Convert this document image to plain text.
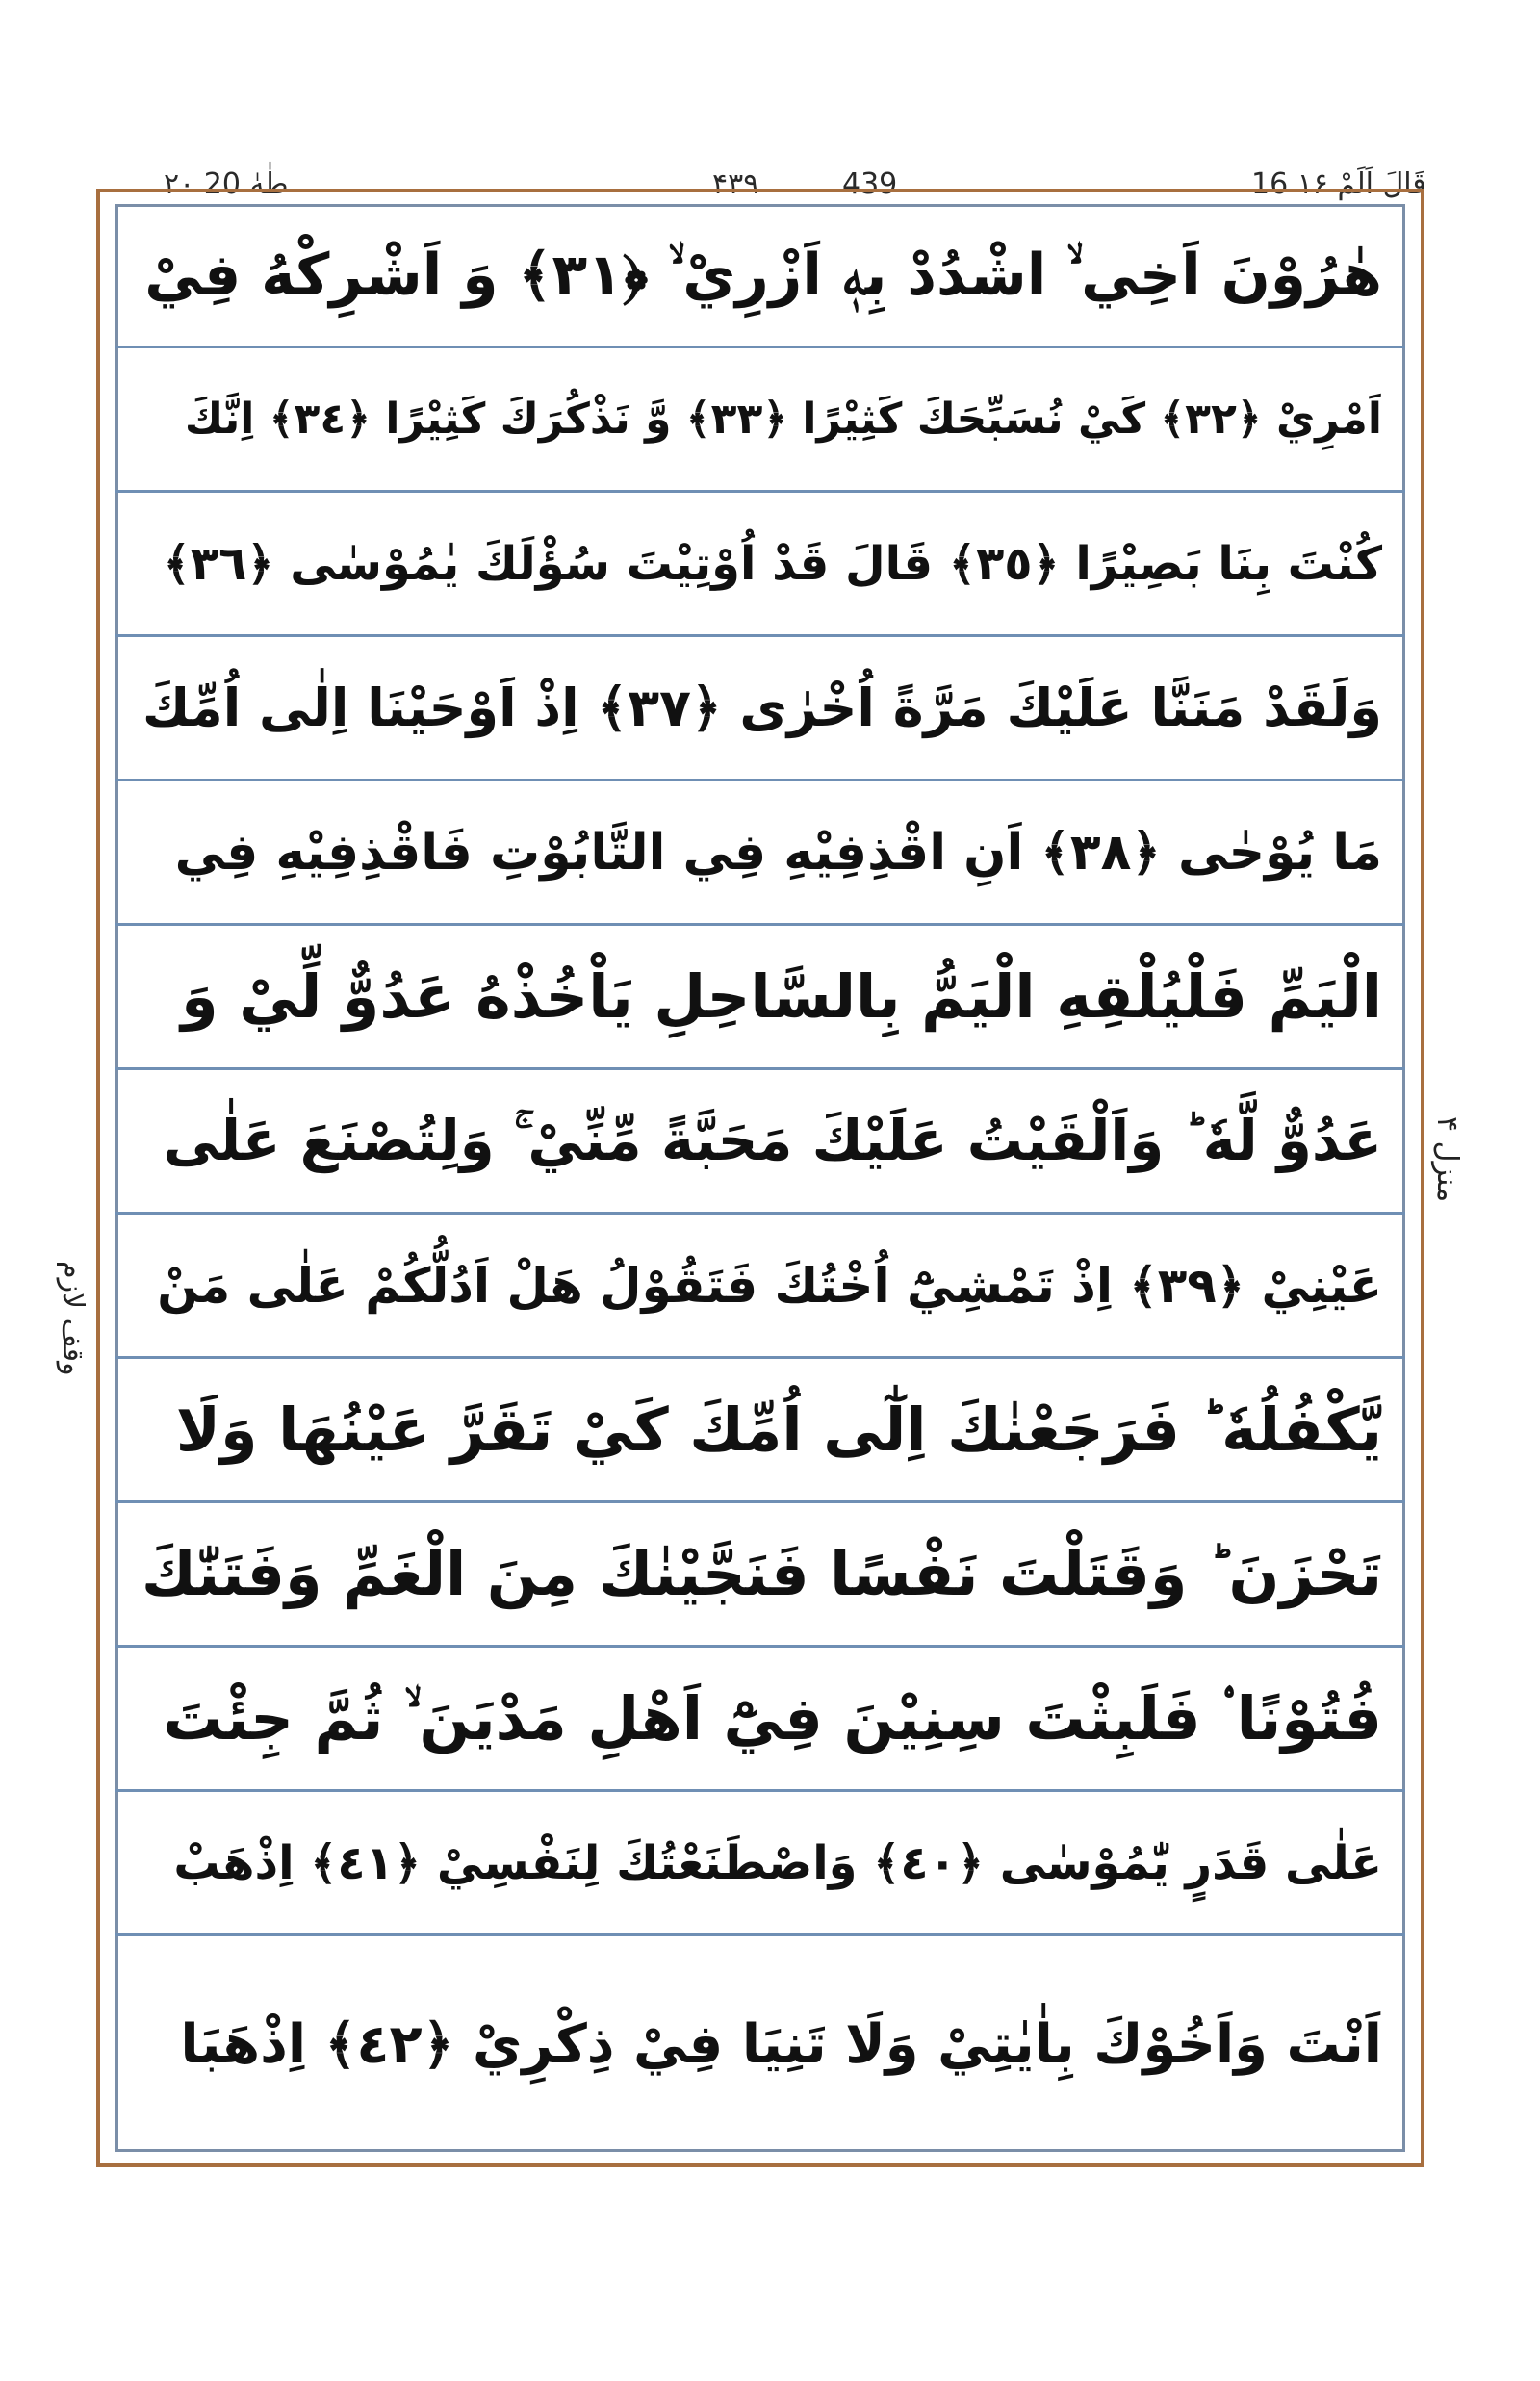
۲۰ طٰهٰ 20	۴۳۹	439	16 قَالَ اَلَمْ ۱۶
هٰرُوْنَ اَخِي ۙ اشْدُدْ بِهٖ اَزْرِيْ ۙ ﴿٣١﴾ وَ اَشْرِكْهُ فِيْ
اَمْرِيْ ﴿٣٢﴾ كَيْ نُسَبِّحَكَ كَثِيْرًا ﴿٣٣﴾ وَّ نَذْكُرَكَ كَثِيْرًا ﴿٣٤﴾ اِنَّكَ
كُنْتَ بِنَا بَصِيْرًا ﴿٣٥﴾ قَالَ قَدْ اُوْتِيْتَ سُؤْلَكَ يٰمُوْسٰى ﴿٣٦﴾
وَلَقَدْ مَنَنَّا عَلَيْكَ مَرَّةً اُخْرٰى ﴿٣٧﴾ اِذْ اَوْحَيْنَا اِلٰى اُمِّكَ
مَا يُوْحٰى ﴿٣٨﴾ اَنِ اقْذِفِيْهِ فِي التَّابُوْتِ فَاقْذِفِيْهِ فِي
الْيَمِّ فَلْيُلْقِهِ الْيَمُّ بِالسَّاحِلِ يَاْخُذْهُ عَدُوٌّ لِّيْ وَ
عَدُوٌّ لَّهٗ ؕ وَاَلْقَيْتُ عَلَيْكَ مَحَبَّةً مِّنِّيْ ۚ وَلِتُصْنَعَ عَلٰى
عَيْنِيْ ﴿٣٩﴾ اِذْ تَمْشِيْٓ اُخْتُكَ فَتَقُوْلُ هَلْ اَدُلُّكُمْ عَلٰى مَنْ
يَّكْفُلُهٗ ؕ فَرَجَعْنٰكَ اِلٰٓى اُمِّكَ كَيْ تَقَرَّ عَيْنُهَا وَلَا
تَحْزَنَ ؕ وَقَتَلْتَ نَفْسًا فَنَجَّيْنٰكَ مِنَ الْغَمِّ وَفَتَنّٰكَ
فُتُوْنًا ۟ فَلَبِثْتَ سِنِيْنَ فِيْٓ اَهْلِ مَدْيَنَ ۙ ثُمَّ جِئْتَ
عَلٰى قَدَرٍ يّٰمُوْسٰى ﴿٤٠﴾ وَاصْطَنَعْتُكَ لِنَفْسِيْ ﴿٤١﴾ اِذْهَبْ
اَنْتَ وَاَخُوْكَ بِاٰيٰتِيْ وَلَا تَنِيَا فِيْ ذِكْرِيْ ﴿٤٢﴾ اِذْهَبَا
منزل ۴
وقف لازم
